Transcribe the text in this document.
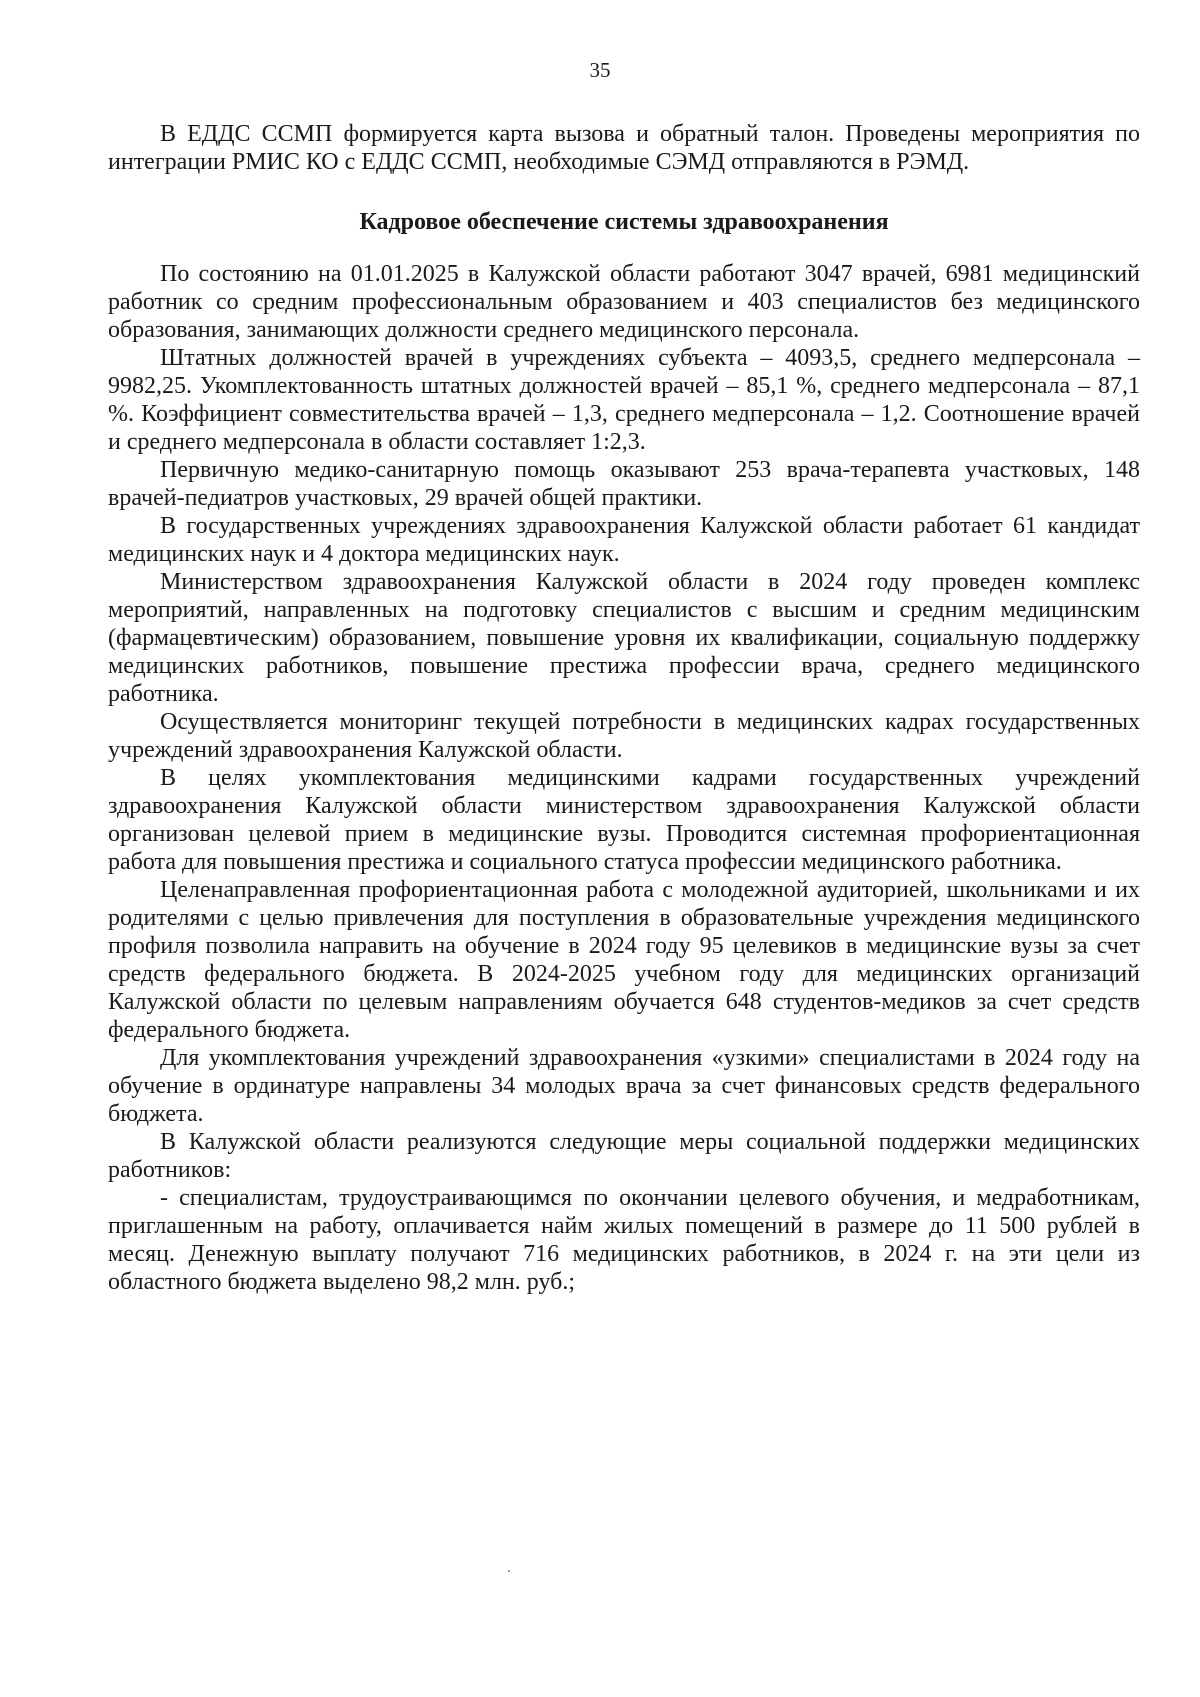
35

В ЕДДС ССМП формируется карта вызова и обратный талон. Проведены мероприятия по интеграции РМИС КО с ЕДДС ССМП, необходимые СЭМД отправляются в РЭМД.

Кадровое обеспечение системы здравоохранения

По состоянию на 01.01.2025 в Калужской области работают 3047 врачей, 6981 медицинский работник со средним профессиональным образованием и 403 специалистов без медицинского образования, занимающих должности среднего медицинского персонала.

Штатных должностей врачей в учреждениях субъекта – 4093,5, среднего медперсонала – 9982,25. Укомплектованность штатных должностей врачей – 85,1 %, среднего медперсонала – 87,1 %. Коэффициент совместительства врачей – 1,3, среднего медперсонала – 1,2. Соотношение врачей и среднего медперсонала в области составляет 1:2,3.

Первичную медико-санитарную помощь оказывают 253 врача-терапевта участковых, 148 врачей-педиатров участковых, 29 врачей общей практики.

В государственных учреждениях здравоохранения Калужской области работает 61 кандидат медицинских наук и 4 доктора медицинских наук.

Министерством здравоохранения Калужской области в 2024 году проведен комплекс мероприятий, направленных на подготовку специалистов с высшим и средним медицинским (фармацевтическим) образованием, повышение уровня их квалификации, социальную поддержку медицинских работников, повышение престижа профессии врача, среднего медицинского работника.

Осуществляется мониторинг текущей потребности в медицинских кадрах государственных учреждений здравоохранения Калужской области.

В целях укомплектования медицинскими кадрами государственных учреждений здравоохранения Калужской области министерством здравоохранения Калужской области организован целевой прием в медицинские вузы. Проводится системная профориентационная работа для повышения престижа и социального статуса профессии медицинского работника.

Целенаправленная профориентационная работа с молодежной аудиторией, школьниками и их родителями с целью привлечения для поступления в образовательные учреждения медицинского профиля позволила направить на обучение в 2024 году 95 целевиков в медицинские вузы за счет средств федерального бюджета. В 2024-2025 учебном году для медицинских организаций Калужской области по целевым направлениям обучается 648 студентов-медиков за счет средств федерального бюджета.

Для укомплектования учреждений здравоохранения «узкими» специалистами в 2024 году на обучение в ординатуре направлены 34 молодых врача за счет финансовых средств федерального бюджета.

В Калужской области реализуются следующие меры социальной поддержки медицинских работников:

- специалистам, трудоустраивающимся по окончании целевого обучения, и медработникам, приглашенным на работу, оплачивается найм жилых помещений в размере до 11 500 рублей в месяц. Денежную выплату получают 716 медицинских работников, в 2024 г. на эти цели из областного бюджета выделено 98,2 млн. руб.;
